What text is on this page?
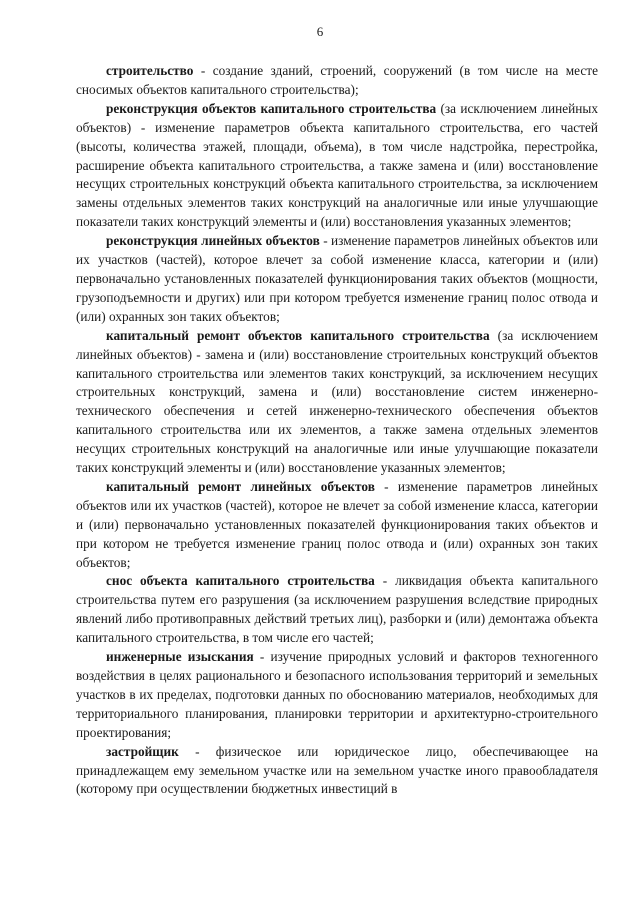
6

строительство - создание зданий, строений, сооружений (в том числе на месте сносимых объектов капитального строительства);

реконструкция объектов капитального строительства (за исключением линейных объектов) - изменение параметров объекта капитального строительства, его частей (высоты, количества этажей, площади, объема), в том числе надстройка, перестройка, расширение объекта капитального строительства, а также замена и (или) восстановление несущих строительных конструкций объекта капитального строительства, за исключением замены отдельных элементов таких конструкций на аналогичные или иные улучшающие показатели таких конструкций элементы и (или) восстановления указанных элементов;

реконструкция линейных объектов - изменение параметров линейных объектов или их участков (частей), которое влечет за собой изменение класса, категории и (или) первоначально установленных показателей функционирования таких объектов (мощности, грузоподъемности и других) или при котором требуется изменение границ полос отвода и (или) охранных зон таких объектов;

капитальный ремонт объектов капитального строительства (за исключением линейных объектов) - замена и (или) восстановление строительных конструкций объектов капитального строительства или элементов таких конструкций, за исключением несущих строительных конструкций, замена и (или) восстановление систем инженерно-технического обеспечения и сетей инженерно-технического обеспечения объектов капитального строительства или их элементов, а также замена отдельных элементов несущих строительных конструкций на аналогичные или иные улучшающие показатели таких конструкций элементы и (или) восстановление указанных элементов;

капитальный ремонт линейных объектов - изменение параметров линейных объектов или их участков (частей), которое не влечет за собой изменение класса, категории и (или) первоначально установленных показателей функционирования таких объектов и при котором не требуется изменение границ полос отвода и (или) охранных зон таких объектов;

снос объекта капитального строительства - ликвидация объекта капитального строительства путем его разрушения (за исключением разрушения вследствие природных явлений либо противоправных действий третьих лиц), разборки и (или) демонтажа объекта капитального строительства, в том числе его частей;

инженерные изыскания - изучение природных условий и факторов техногенного воздействия в целях рационального и безопасного использования территорий и земельных участков в их пределах, подготовки данных по обоснованию материалов, необходимых для территориального планирования, планировки территории и архитектурно-строительного проектирования;

застройщик - физическое или юридическое лицо, обеспечивающее на принадлежащем ему земельном участке или на земельном участке иного правообладателя (которому при осуществлении бюджетных инвестиций в
